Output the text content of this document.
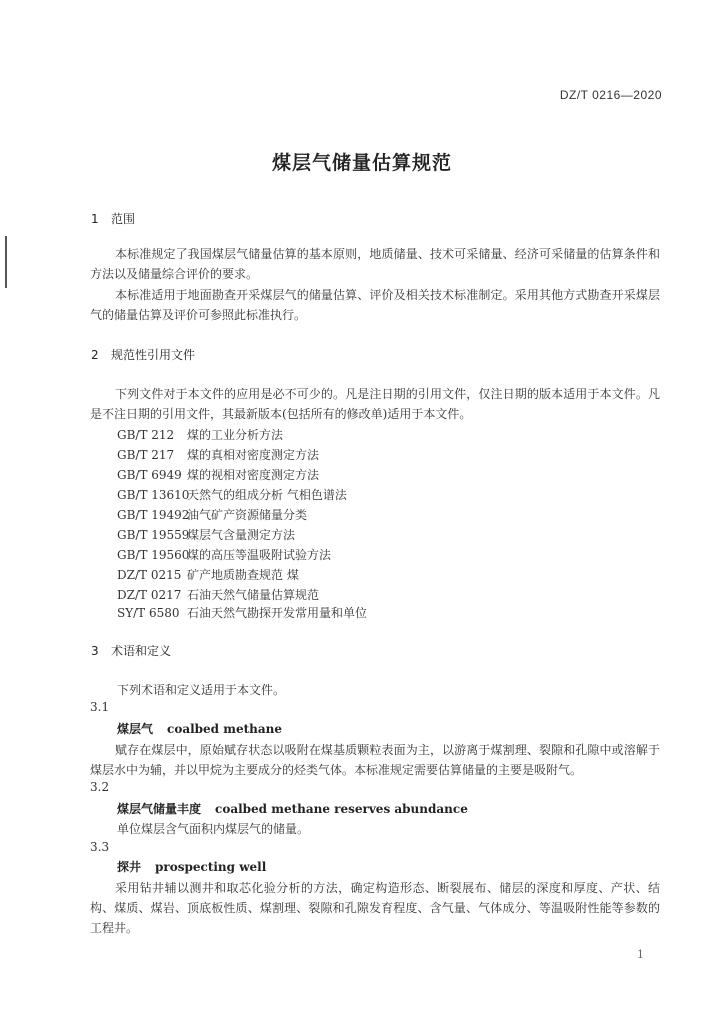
DZ/T 0216—2020
煤层气储量估算规范
1 范围
本标准规定了我国煤层气储量估算的基本原则，地质储量、技术可采储量、经济可采储量的估算条件和方法以及储量综合评价的要求。
本标准适用于地面勘查开采煤层气的储量估算、评价及相关技术标准制定。采用其他方式勘查开采煤层气的储量估算及评价可参照此标准执行。
2 规范性引用文件
下列文件对于本文件的应用是必不可少的。凡是注日期的引用文件，仅注日期的版本适用于本文件。凡是不注日期的引用文件，其最新版本(包括所有的修改单)适用于本文件。
GB/T 212 煤的工业分析方法
GB/T 217 煤的真相对密度测定方法
GB/T 6949 煤的视相对密度测定方法
GB/T 13610天然气的组成分析 气相色谱法
GB/T 19492油气矿产资源储量分类
GB/T 19559煤层气含量测定方法
GB/T 19560煤的高压等温吸附试验方法
DZ/T 0215 矿产地质勘查规范 煤
DZ/T 0217 石油天然气储量估算规范
SY/T 6580 石油天然气勘探开发常用量和单位
3 术语和定义
下列术语和定义适用于本文件。
3.1
煤层气 coalbed methane
赋存在煤层中，原始赋存状态以吸附在煤基质颗粒表面为主，以游离于煤割理、裂隙和孔隙中或溶解于煤层水中为辅，并以甲烷为主要成分的烃类气体。本标准规定需要估算储量的主要是吸附气。
3.2
煤层气储量丰度 coalbed methane reserves abundance
单位煤层含气面积内煤层气的储量。
3.3
探井 prospecting well
采用钻井辅以测井和取芯化验分析的方法，确定构造形态、断裂展布、储层的深度和厚度、产状、结构、煤质、煤岩、顶底板性质、煤割理、裂隙和孔隙发育程度、含气量、气体成分、等温吸附性能等参数的工程井。
1
